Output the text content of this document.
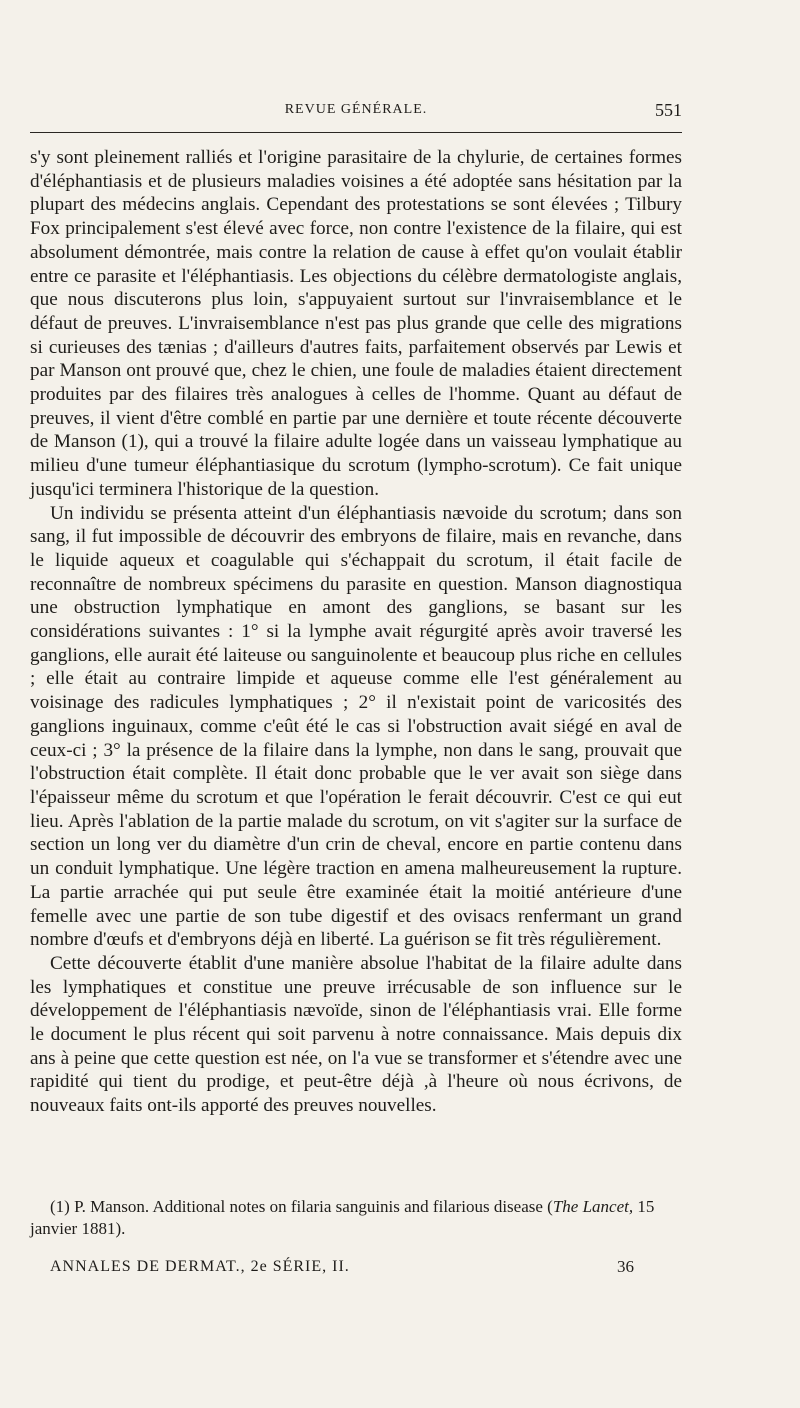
REVUE GÉNÉRALE.	551

s'y sont pleinement ralliés et l'origine parasitaire de la chylurie, de certaines formes d'éléphantiasis et de plusieurs maladies voisines a été adoptée sans hésitation par la plupart des médecins anglais. Cependant des protestations se sont élevées ; Tilbury Fox principalement s'est élevé avec force, non contre l'existence de la filaire, qui est absolument démontrée, mais contre la relation de cause à effet qu'on voulait établir entre ce parasite et l'éléphantiasis. Les objections du célèbre dermatologiste anglais, que nous discuterons plus loin, s'appuyaient surtout sur l'invraisemblance et le défaut de preuves. L'invraisemblance n'est pas plus grande que celle des migrations si curieuses des tænias ; d'ailleurs d'autres faits, parfaitement observés par Lewis et par Manson ont prouvé que, chez le chien, une foule de maladies étaient directement produites par des filaires très analogues à celles de l'homme. Quant au défaut de preuves, il vient d'être comblé en partie par une dernière et toute récente découverte de Manson (1), qui a trouvé la filaire adulte logée dans un vaisseau lymphatique au milieu d'une tumeur éléphantiasique du scrotum (lympho-scrotum). Ce fait unique jusqu'ici terminera l'historique de la question.

Un individu se présenta atteint d'un éléphantiasis nævoide du scrotum; dans son sang, il fut impossible de découvrir des embryons de filaire, mais en revanche, dans le liquide aqueux et coagulable qui s'échappait du scrotum, il était facile de reconnaître de nombreux spécimens du parasite en question. Manson diagnostiqua une obstruction lymphatique en amont des ganglions, se basant sur les considérations suivantes : 1° si la lymphe avait régurgité après avoir traversé les ganglions, elle aurait été laiteuse ou sanguinolente et beaucoup plus riche en cellules ; elle était au contraire limpide et aqueuse comme elle l'est généralement au voisinage des radicules lymphatiques ; 2° il n'existait point de varicosités des ganglions inguinaux, comme c'eût été le cas si l'obstruction avait siégé en aval de ceux-ci ; 3° la présence de la filaire dans la lymphe, non dans le sang, prouvait que l'obstruction était complète. Il était donc probable que le ver avait son siège dans l'épaisseur même du scrotum et que l'opération le ferait découvrir. C'est ce qui eut lieu. Après l'ablation de la partie malade du scrotum, on vit s'agiter sur la surface de section un long ver du diamètre d'un crin de cheval, encore en partie contenu dans un conduit lymphatique. Une légère traction en amena malheureusement la rupture. La partie arrachée qui put seule être examinée était la moitié antérieure d'une femelle avec une partie de son tube digestif et des ovisacs renfermant un grand nombre d'œufs et d'embryons déjà en liberté. La guérison se fit très régulièrement.

Cette découverte établit d'une manière absolue l'habitat de la filaire adulte dans les lymphatiques et constitue une preuve irrécusable de son influence sur le développement de l'éléphantiasis nævoïde, sinon de l'éléphantiasis vrai. Elle forme le document le plus récent qui soit parvenu à notre connaissance. Mais depuis dix ans à peine que cette question est née, on l'a vue se transformer et s'étendre avec une rapidité qui tient du prodige, et peut-être déjà ,à l'heure où nous écrivons, de nouveaux faits ont-ils apporté des preuves nouvelles.

(1) P. Manson. Additional notes on filaria sanguinis and filarious disease (The Lancet, 15 janvier 1881).
ANNALES DE DERMAT., 2e SÉRIE, II.	36
